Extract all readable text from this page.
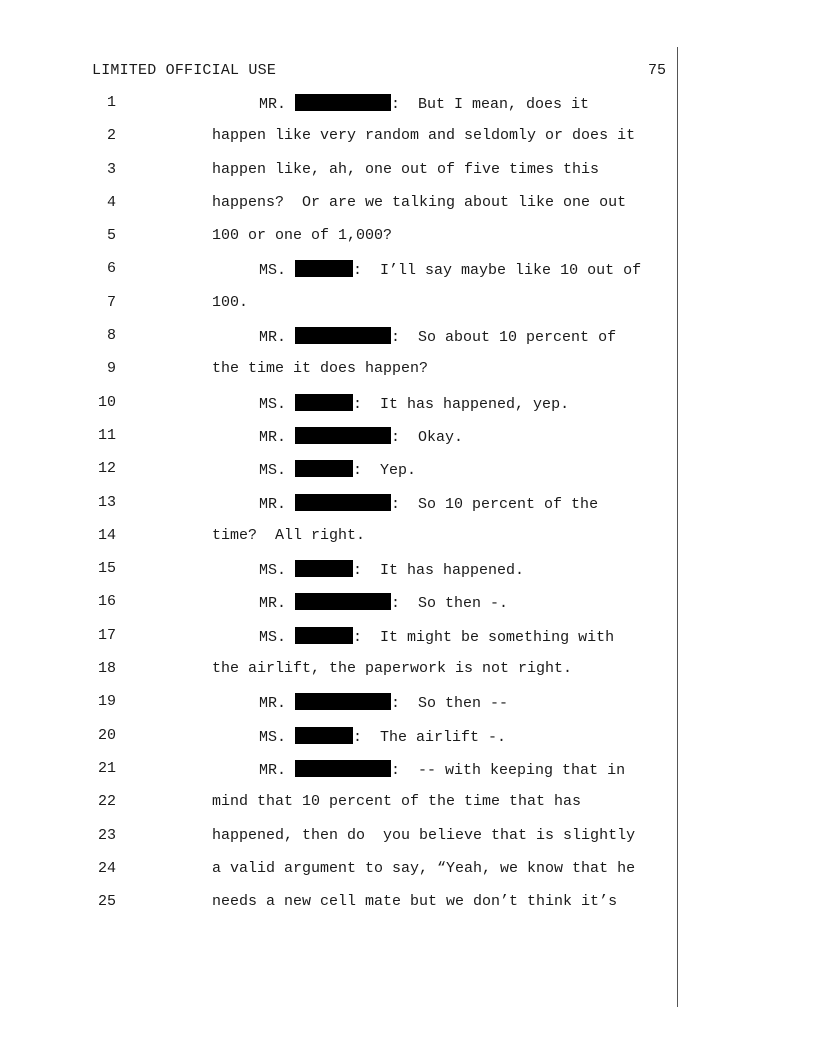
LIMITED OFFICIAL USE	75
1	MR.	:  But I mean, does it
2	happen like very random and seldomly or does it
3	happen like, ah, one out of five times this
4	happens?  Or are we talking about like one out
5	100 or one of 1,000?
6	MS.	:  I’ll say maybe like 10 out of
7	100.
8	MR.	:  So about 10 percent of
9	the time it does happen?
10	MS.	:  It has happened, yep.
11	MR.	:  Okay.
12	MS.	:  Yep.
13	MR.	:  So 10 percent of the
14	time?  All right.
15	MS.	:  It has happened.
16	MR.	:  So then -.
17	MS.	:  It might be something with
18	the airlift, the paperwork is not right.
19	MR.	:  So then --
20	MS.	:  The airlift -.
21	MR.	:  -- with keeping that in
22	mind that 10 percent of the time that has
23	happened, then do  you believe that is slightly
24	a valid argument to say, “Yeah, we know that he
25	needs a new cell mate but we don’t think it’s
